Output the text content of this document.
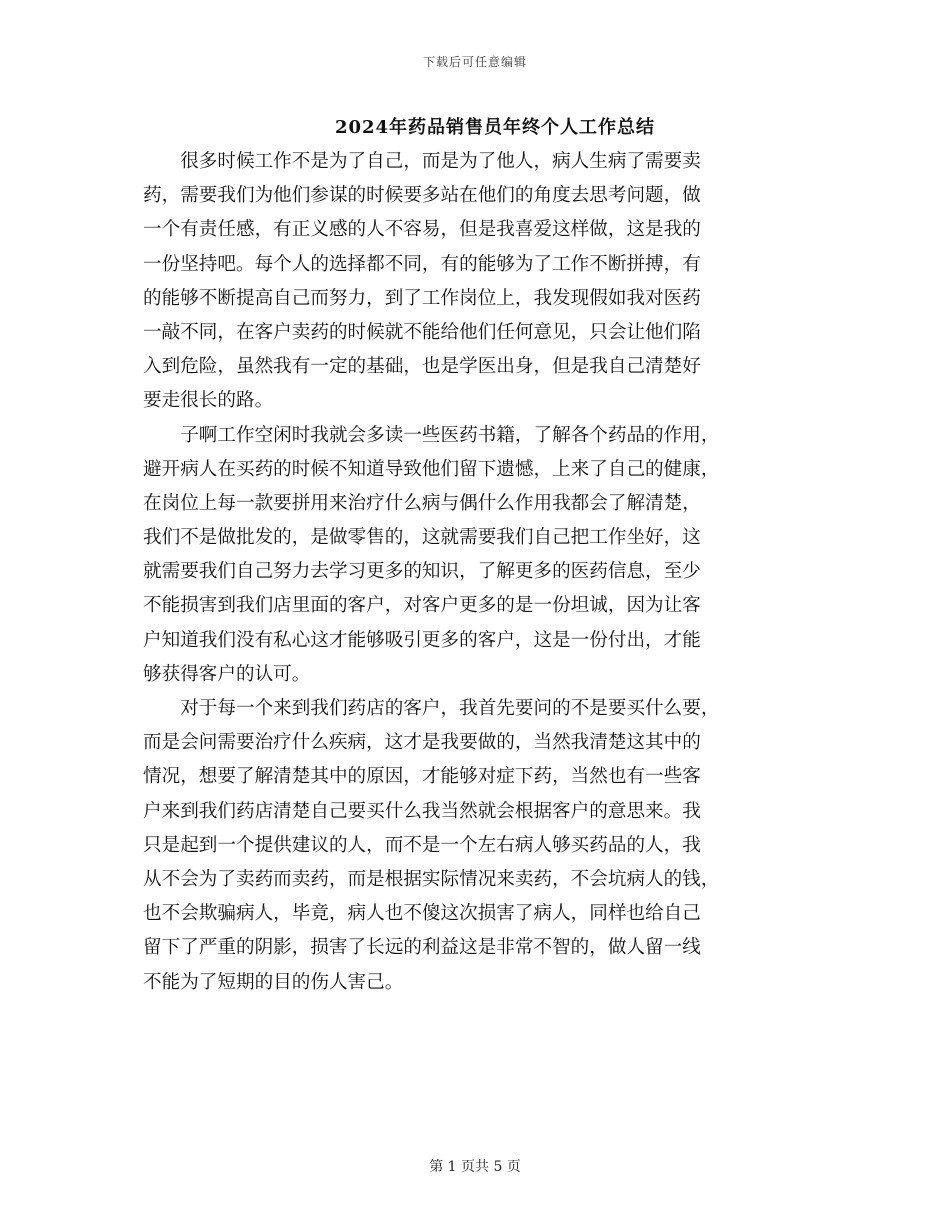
下载后可任意编辑
2024年药品销售员年终个人工作总结
　　很多时候工作不是为了自己，而是为了他人，病人生病了需要卖
药，需要我们为他们参谋的时候要多站在他们的角度去思考问题，做
一个有责任感，有正义感的人不容易，但是我喜爱这样做，这是我的
一份坚持吧。每个人的选择都不同，有的能够为了工作不断拼搏，有
的能够不断提高自己而努力，到了工作岗位上，我发现假如我对医药
一敲不同，在客户卖药的时候就不能给他们任何意见，只会让他们陷
入到危险，虽然我有一定的基础，也是学医出身，但是我自己清楚好
要走很长的路。
　　子啊工作空闲时我就会多读一些医药书籍，了解各个药品的作用，
避开病人在买药的时候不知道导致他们留下遗憾，上来了自己的健康，
在岗位上每一款要拼用来治疗什么病与偶什么作用我都会了解清楚，
我们不是做批发的，是做零售的，这就需要我们自己把工作坐好，这
就需要我们自己努力去学习更多的知识，了解更多的医药信息，至少
不能损害到我们店里面的客户，对客户更多的是一份坦诚，因为让客
户知道我们没有私心这才能够吸引更多的客户，这是一份付出，才能
够获得客户的认可。
　　对于每一个来到我们药店的客户，我首先要问的不是要买什么要，
而是会问需要治疗什么疾病，这才是我要做的，当然我清楚这其中的
情况，想要了解清楚其中的原因，才能够对症下药，当然也有一些客
户来到我们药店清楚自己要买什么我当然就会根据客户的意思来。我
只是起到一个提供建议的人，而不是一个左右病人够买药品的人，我
从不会为了卖药而卖药，而是根据实际情况来卖药，不会坑病人的钱，
也不会欺骗病人，毕竟，病人也不傻这次损害了病人，同样也给自己
留下了严重的阴影，损害了长远的利益这是非常不智的，做人留一线
不能为了短期的目的伤人害己。
第 1 页共 5 页
